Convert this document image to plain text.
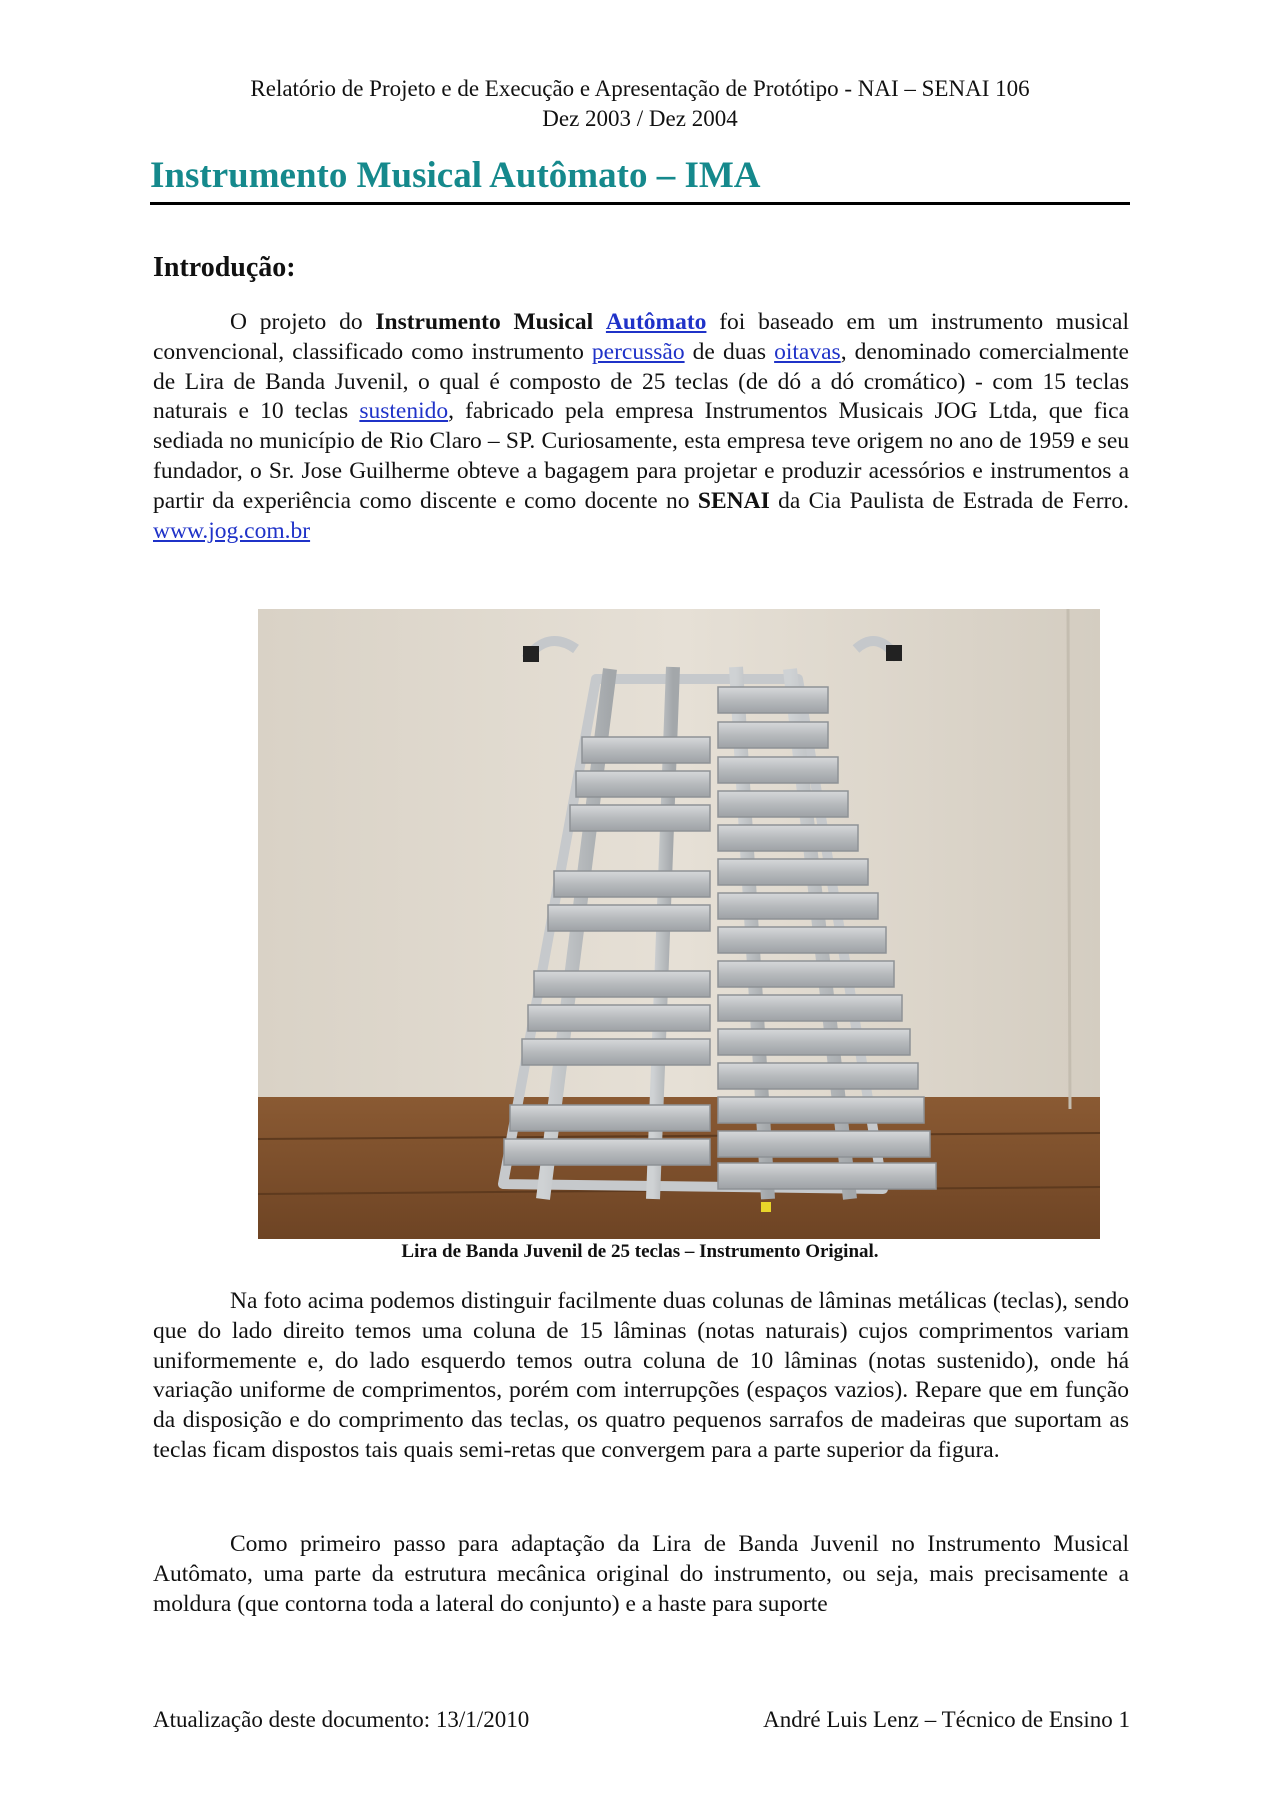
Relatório de Projeto e de Execução e Apresentação de Protótipo - NAI – SENAI 106
Dez 2003 / Dez 2004
Instrumento Musical Autômato – IMA
Introdução:

O projeto do Instrumento Musical Autômato foi baseado em um instrumento musical convencional, classificado como instrumento percussão de duas oitavas, denominado comercialmente de Lira de Banda Juvenil, o qual é composto de 25 teclas (de dó a dó cromático) - com 15 teclas naturais e 10 teclas sustenido, fabricado pela empresa Instrumentos Musicais JOG Ltda, que fica sediada no município de Rio Claro – SP. Curiosamente, esta empresa teve origem no ano de 1959 e seu fundador, o Sr. Jose Guilherme obteve a bagagem para projetar e produzir acessórios e instrumentos a partir da experiência como discente e como docente no SENAI da Cia Paulista de Estrada de Ferro. www.jog.com.br

Lira de Banda Juvenil de 25 teclas – Instrumento Original.

Na foto acima podemos distinguir facilmente duas colunas de lâminas metálicas (teclas), sendo que do lado direito temos uma coluna de 15 lâminas (notas naturais) cujos comprimentos variam uniformemente e, do lado esquerdo temos outra coluna de 10 lâminas (notas sustenido), onde há variação uniforme de comprimentos, porém com interrupções (espaços vazios). Repare que em função da disposição e do comprimento das teclas, os quatro pequenos sarrafos de madeiras que suportam as teclas ficam dispostos tais quais semi-retas que convergem para a parte superior da figura.

Como primeiro passo para adaptação da Lira de Banda Juvenil no Instrumento Musical Autômato, uma parte da estrutura mecânica original do instrumento, ou seja, mais precisamente a moldura (que contorna toda a lateral do conjunto) e a haste para suporte

Atualização deste documento: 13/1/2010	André Luis Lenz – Técnico de Ensino 1
